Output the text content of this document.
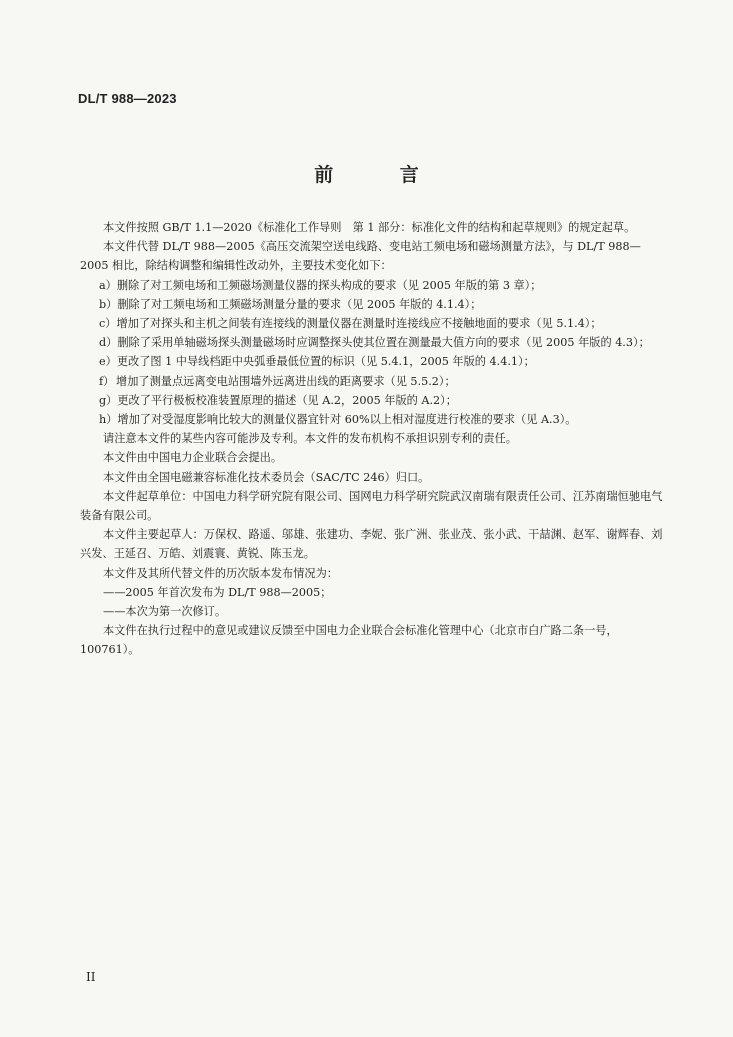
DL/T 988—2023
前 言

本文件按照 GB/T 1.1—2020《标准化工作导则　第 1 部分：标准化文件的结构和起草规则》的规定起草。

本文件代替 DL/T 988—2005《高压交流架空送电线路、变电站工频电场和磁场测量方法》，与 DL/T 988—2005 相比，除结构调整和编辑性改动外，主要技术变化如下：

a） 删除了对工频电场和工频磁场测量仪器的探头构成的要求（见 2005 年版的第 3 章）；
b） 删除了对工频电场和工频磁场测量分量的要求（见 2005 年版的 4.1.4）；
c） 增加了对探头和主机之间装有连接线的测量仪器在测量时连接线应不接触地面的要求（见 5.1.4）；
d） 删除了采用单轴磁场探头测量磁场时应调整探头使其位置在测量最大值方向的要求（见 2005 年版的 4.3）；
e） 更改了图 1 中导线档距中央弧垂最低位置的标识（见 5.4.1，2005 年版的 4.4.1）；
f） 增加了测量点远离变电站围墙外远离进出线的距离要求（见 5.5.2）；
g） 更改了平行极板校准装置原理的描述（见 A.2，2005 年版的 A.2）；
h） 增加了对受湿度影响比较大的测量仪器宜针对 60%以上相对湿度进行校准的要求（见 A.3）。

请注意本文件的某些内容可能涉及专利。本文件的发布机构不承担识别专利的责任。

本文件由中国电力企业联合会提出。

本文件由全国电磁兼容标准化技术委员会（SAC/TC 246）归口。

本文件起草单位：中国电力科学研究院有限公司、国网电力科学研究院武汉南瑞有限责任公司、江苏南瑞恒驰电气装备有限公司。

本文件主要起草人：万保权、路遥、邬雄、张建功、李妮、张广洲、张业茂、张小武、干喆渊、赵军、谢辉春、刘兴发、王延召、万皓、刘震寰、黄锐、陈玉龙。

本文件及其所代替文件的历次版本发布情况为：

——2005 年首次发布为 DL/T 988—2005；

——本次为第一次修订。

本文件在执行过程中的意见或建议反馈至中国电力企业联合会标准化管理中心（北京市白广路二条一号，100761）。

II
